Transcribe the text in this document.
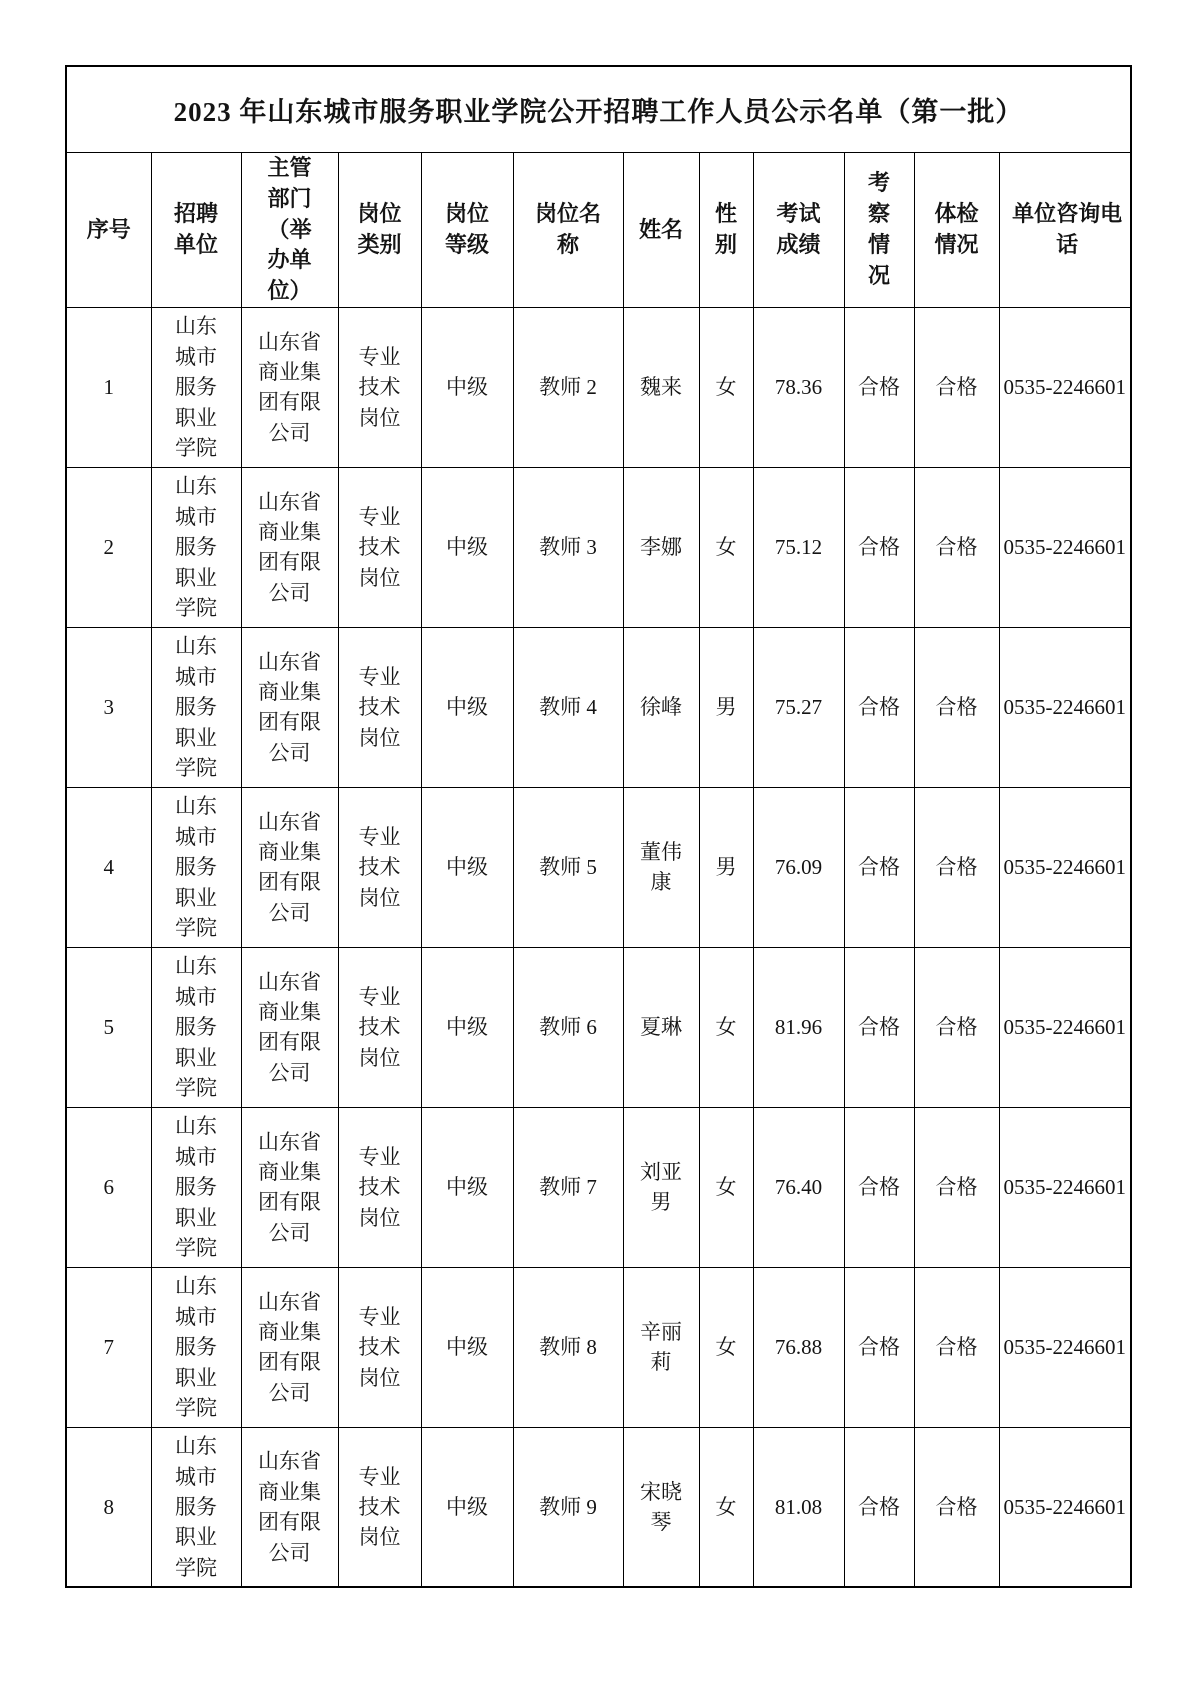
2023 年山东城市服务职业学院公开招聘工作人员公示名单（第一批）											
序号	招聘单位	主管部门（举办单位）	岗位类别	岗位等级	岗位名称	姓名	性别	考试成绩	考察情况	体检情况	单位咨询电话
1	山东城市服务职业学院	山东省商业集团有限公司	专业技术岗位	中级	教师 2	魏来	女	78.36	合格	合格	0535-2246601
2	山东城市服务职业学院	山东省商业集团有限公司	专业技术岗位	中级	教师 3	李娜	女	75.12	合格	合格	0535-2246601
3	山东城市服务职业学院	山东省商业集团有限公司	专业技术岗位	中级	教师 4	徐峰	男	75.27	合格	合格	0535-2246601
4	山东城市服务职业学院	山东省商业集团有限公司	专业技术岗位	中级	教师 5	董伟康	男	76.09	合格	合格	0535-2246601
5	山东城市服务职业学院	山东省商业集团有限公司	专业技术岗位	中级	教师 6	夏琳	女	81.96	合格	合格	0535-2246601
6	山东城市服务职业学院	山东省商业集团有限公司	专业技术岗位	中级	教师 7	刘亚男	女	76.40	合格	合格	0535-2246601
7	山东城市服务职业学院	山东省商业集团有限公司	专业技术岗位	中级	教师 8	辛丽莉	女	76.88	合格	合格	0535-2246601
8	山东城市服务职业学院	山东省商业集团有限公司	专业技术岗位	中级	教师 9	宋晓琴	女	81.08	合格	合格	0535-2246601
